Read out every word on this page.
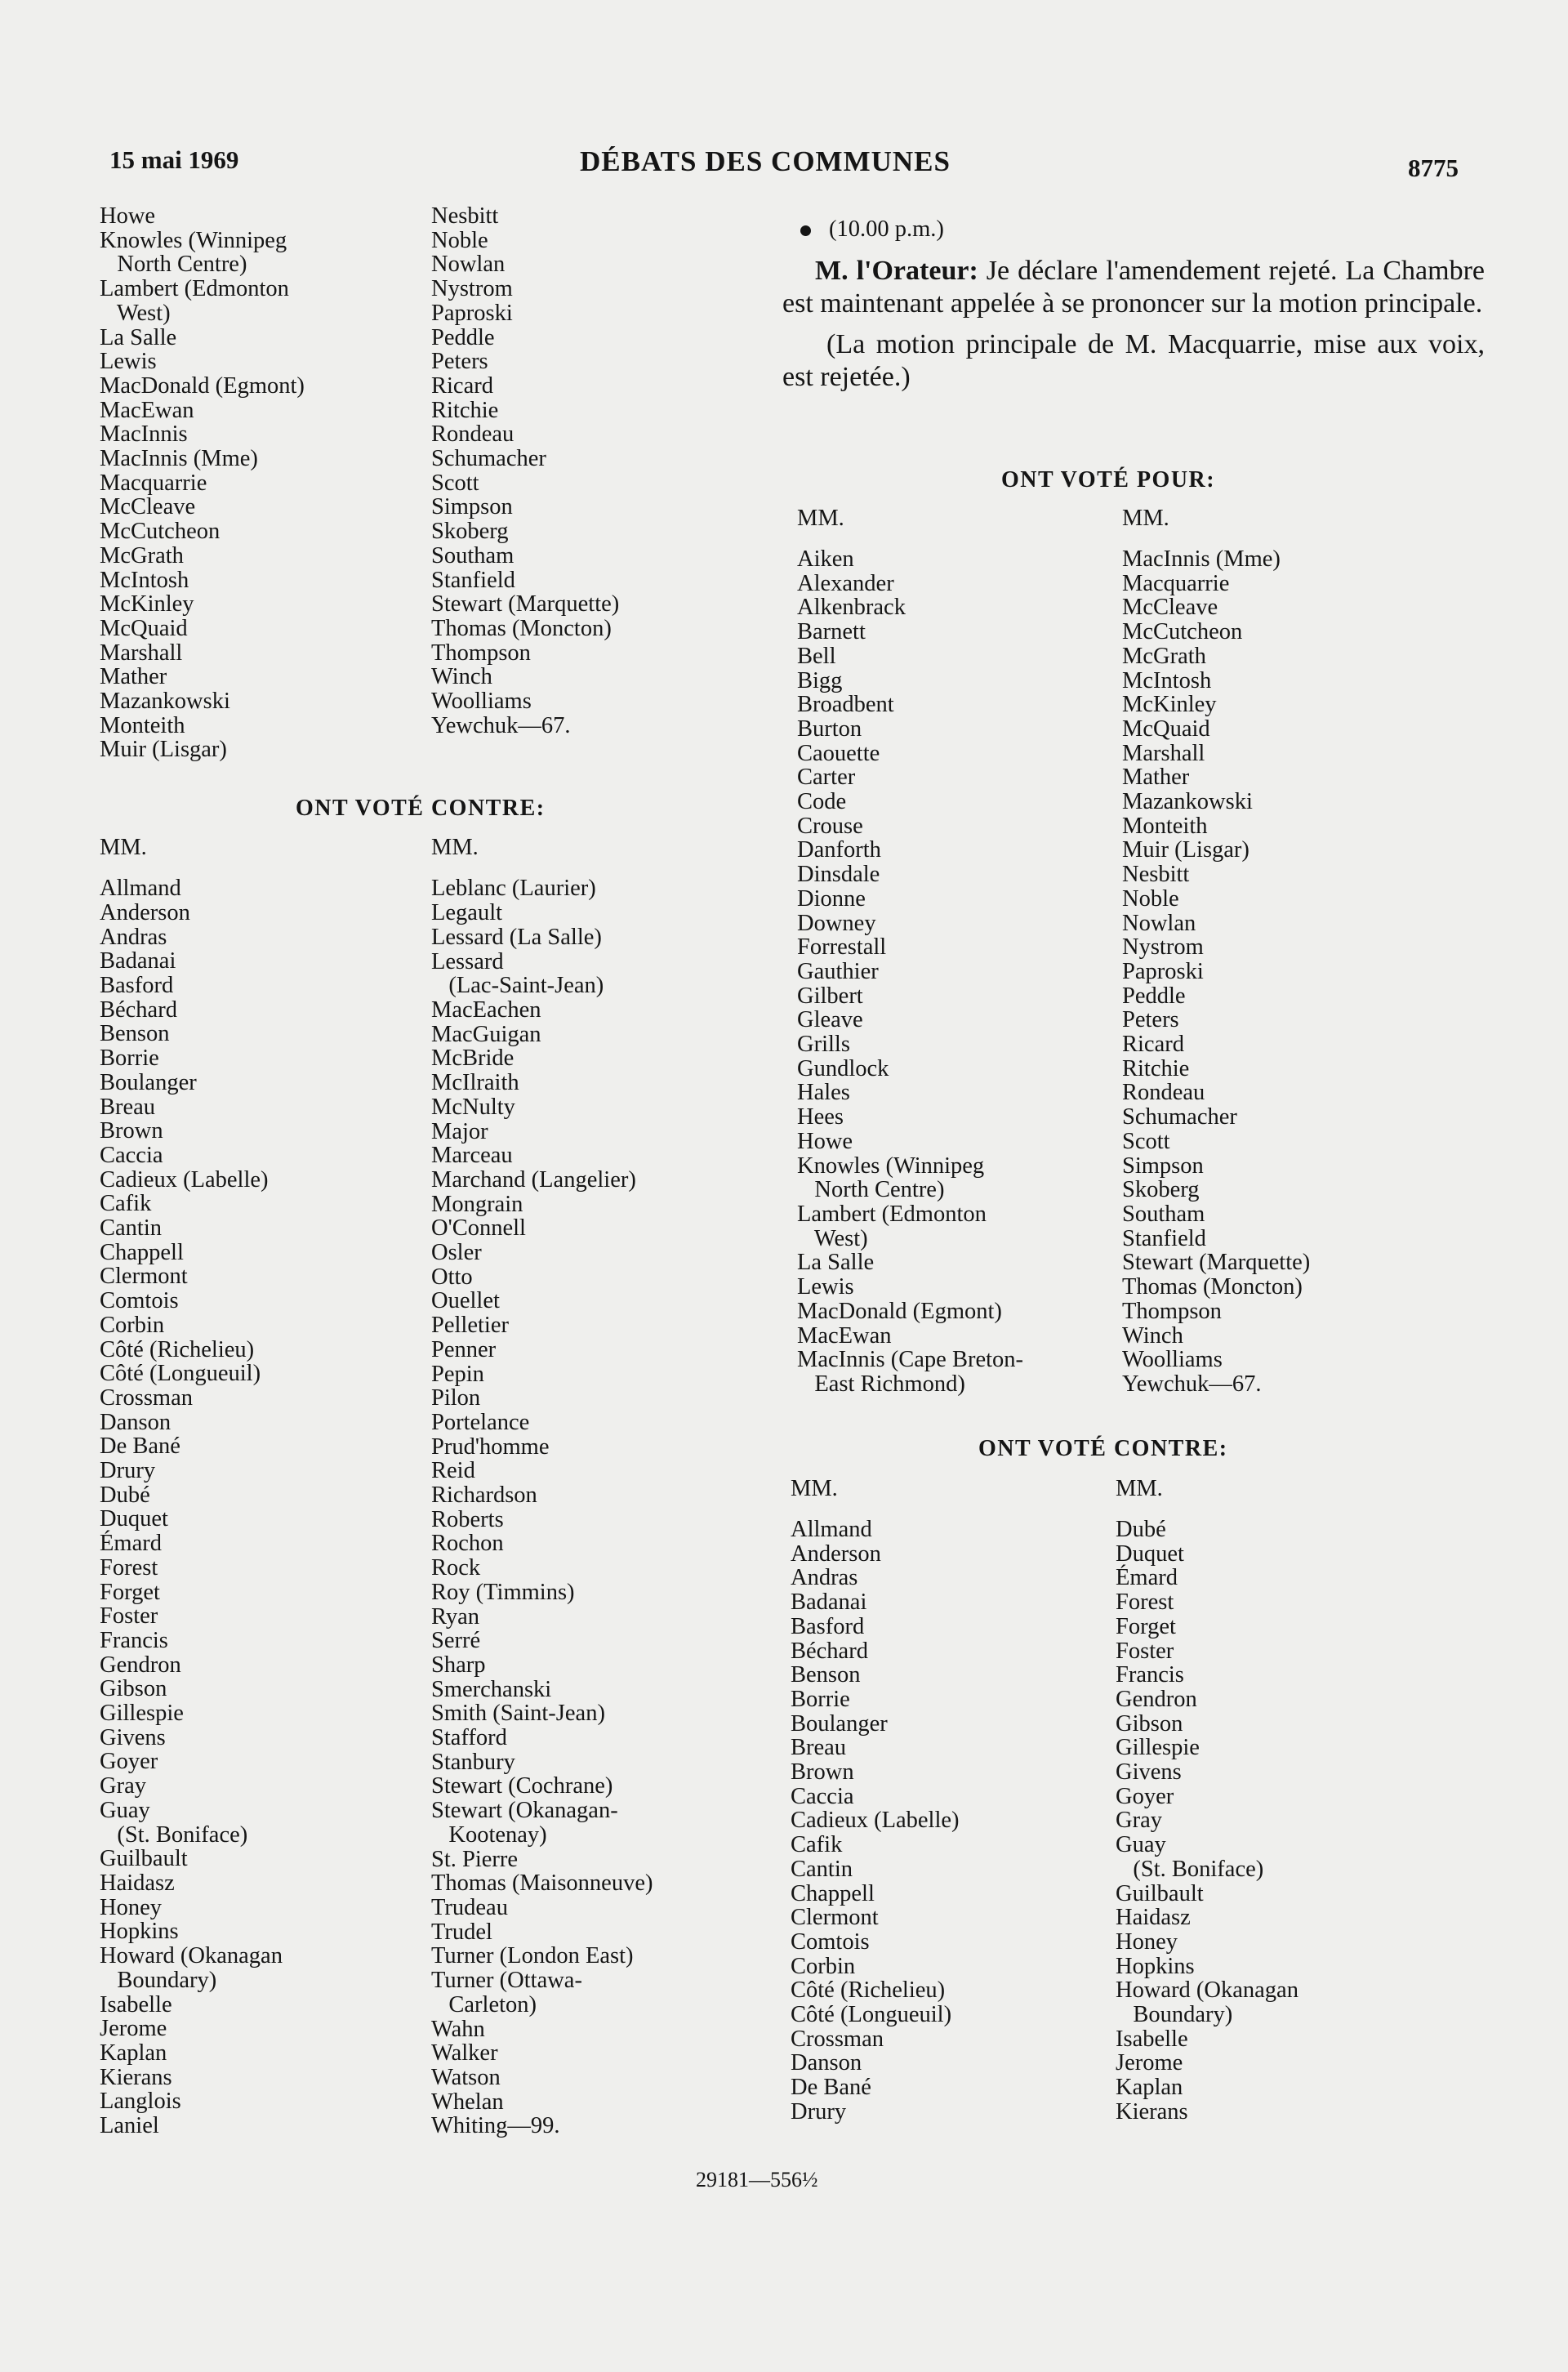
15 mai 1969	DÉBATS DES COMMUNES	8775
Howe
Knowles (Winnipeg
North Centre)
Lambert (Edmonton
West)
La Salle
Lewis
MacDonald (Egmont)
MacEwan
MacInnis
MacInnis (Mme)
Macquarrie
McCleave
McCutcheon
McGrath
McIntosh
McKinley
McQuaid
Marshall
Mather
Mazankowski
Monteith
Muir (Lisgar)

MM.
Allmand
Anderson
Andras
Badanai
Basford
Béchard
Benson
Borrie
Boulanger
Breau
Brown
Caccia
Cadieux (Labelle)
Cafik
Cantin
Chappell
Clermont
Comtois
Corbin
Côté (Richelieu)
Côté (Longueuil)
Crossman
Danson
De Bané
Drury
Dubé
Duquet
Émard
Forest
Forget
Foster
Francis
Gendron
Gibson
Gillespie
Givens
Goyer
Gray
Guay
(St. Boniface)
Guilbault
Haidasz
Honey
Hopkins
Howard (Okanagan
Boundary)
Isabelle
Jerome
Kaplan
Kierans
Langlois
Laniel
Nesbitt
Noble
Nowlan
Nystrom
Paproski
Peddle
Peters
Ricard
Ritchie
Rondeau
Schumacher
Scott
Simpson
Skoberg
Southam
Stanfield
Stewart (Marquette)
Thomas (Moncton)
Thompson
Winch
Woolliams
Yewchuk—67.

MM.
Leblanc (Laurier)
Legault
Lessard (La Salle)
Lessard
(Lac-Saint-Jean)
MacEachen
MacGuigan
McBride
McIlraith
McNulty
Major
Marceau
Marchand (Langelier)
Mongrain
O'Connell
Osler
Otto
Ouellet
Pelletier
Penner
Pepin
Pilon
Portelance
Prud'homme
Reid
Richardson
Roberts
Rochon
Rock
Roy (Timmins)
Ryan
Serré
Sharp
Smerchanski
Smith (Saint-Jean)
Stafford
Stanbury
Stewart (Cochrane)
Stewart (Okanagan-
Kootenay)
St. Pierre
Thomas (Maisonneuve)
Trudeau
Trudel
Turner (London East)
Turner (Ottawa-
Carleton)
Wahn
Walker
Watson
Whelan
Whiting—99.
ONT VOTÉ CONTRE:
(10.00 p.m.)
M. l'Orateur: Je déclare l'amendement rejeté. La Chambre est maintenant appelée à se prononcer sur la motion principale.
(La motion principale de M. Macquarrie, mise aux voix, est rejetée.)
ONT VOTÉ POUR:
MM.
Aiken
Alexander
Alkenbrack
Barnett
Bell
Bigg
Broadbent
Burton
Caouette
Carter
Code
Crouse
Danforth
Dinsdale
Dionne
Downey
Forrestall
Gauthier
Gilbert
Gleave
Grills
Gundlock
Hales
Hees
Howe
Knowles (Winnipeg
North Centre)
Lambert (Edmonton
West)
La Salle
Lewis
MacDonald (Egmont)
MacEwan
MacInnis (Cape Breton-
East Richmond)
MM.
MacInnis (Mme)
Macquarrie
McCleave
McCutcheon
McGrath
McIntosh
McKinley
McQuaid
Marshall
Mather
Mazankowski
Monteith
Muir (Lisgar)
Nesbitt
Noble
Nowlan
Nystrom
Paproski
Peddle
Peters
Ricard
Ritchie
Rondeau
Schumacher
Scott
Simpson
Skoberg
Southam
Stanfield
Stewart (Marquette)
Thomas (Moncton)
Thompson
Winch
Woolliams
Yewchuk—67.
ONT VOTÉ CONTRE:
MM.
Allmand
Anderson
Andras
Badanai
Basford
Béchard
Benson
Borrie
Boulanger
Breau
Brown
Caccia
Cadieux (Labelle)
Cafik
Cantin
Chappell
Clermont
Comtois
Corbin
Côté (Richelieu)
Côté (Longueuil)
Crossman
Danson
De Bané
Drury
MM.
Dubé
Duquet
Émard
Forest
Forget
Foster
Francis
Gendron
Gibson
Gillespie
Givens
Goyer
Gray
Guay
(St. Boniface)
Guilbault
Haidasz
Honey
Hopkins
Howard (Okanagan
Boundary)
Isabelle
Jerome
Kaplan
Kierans
29181—556½
